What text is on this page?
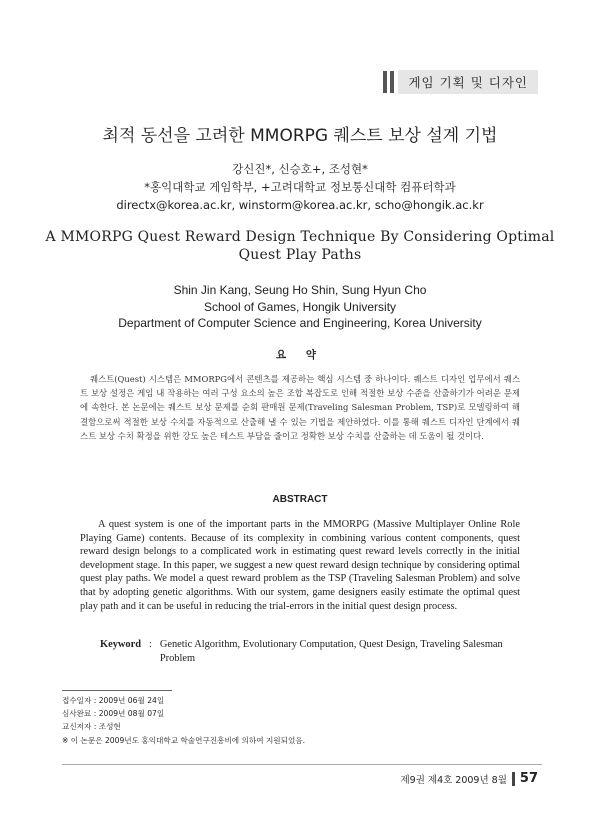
게임 기획 및 디자인
최적 동선을 고려한 MMORPG 퀘스트 보상 설계 기법
강신진*, 신승호+, 조성현*
*홍익대학교 게임학부, +고려대학교 정보통신대학 컴퓨터학과
directx@korea.ac.kr, winstorm@korea.ac.kr, scho@hongik.ac.kr
A MMORPG Quest Reward Design Technique By Considering Optimal
Quest Play Paths
Shin Jin Kang, Seung Ho Shin, Sung Hyun Cho
School of Games, Hongik University
Department of Computer Science and Engineering, Korea University
요 약

퀘스트(Quest) 시스템은 MMORPG에서 콘텐츠를 제공하는 핵심 시스템 중 하나이다. 퀘스트 디자인 업무에서 퀘스트 보상 설정은 게임 내 작용하는 여러 구성 요소의 높은 조합 복잡도로 인해 적절한 보상 수준을 산출하기가 어려운 문제에 속한다. 본 논문에는 퀘스트 보상 문제를 순회 판매원 문제(Traveling Salesman Problem, TSP)로 모델링하여 해결함으로써 적절한 보상 수치를 자동적으로 산출해 낼 수 있는 기법을 제안하였다. 이를 통해 퀘스트 디자인 단계에서 퀘스트 보상 수치 확정을 위한 강도 높은 테스트 부담을 줄이고 정확한 보상 수치를 산출하는 데 도움이 될 것이다.

ABSTRACT

A quest system is one of the important parts in the MMORPG (Massive Multiplayer Online Role Playing Game) contents. Because of its complexity in combining various content components, quest reward design belongs to a complicated work in estimating quest reward levels correctly in the initial development stage. In this paper, we suggest a new quest reward design technique by considering optimal quest play paths. We model a quest reward problem as the TSP (Traveling Salesman Problem) and solve that by adopting genetic algorithms. With our system, game designers easily estimate the optimal quest play path and it can be useful in reducing the trial-errors in the initial quest design process.

Keyword : Genetic Algorithm, Evolutionary Computation, Quest Design, Traveling Salesman Problem
접수일자 : 2009년 06월 24일
심사완료 : 2009년 08월 07일
교신저자 : 조성현
※ 이 논문은 2009년도 홍익대학교 학술연구진흥비에 의하여 지원되었음.
제9권 제4호 2009년 8월 57
